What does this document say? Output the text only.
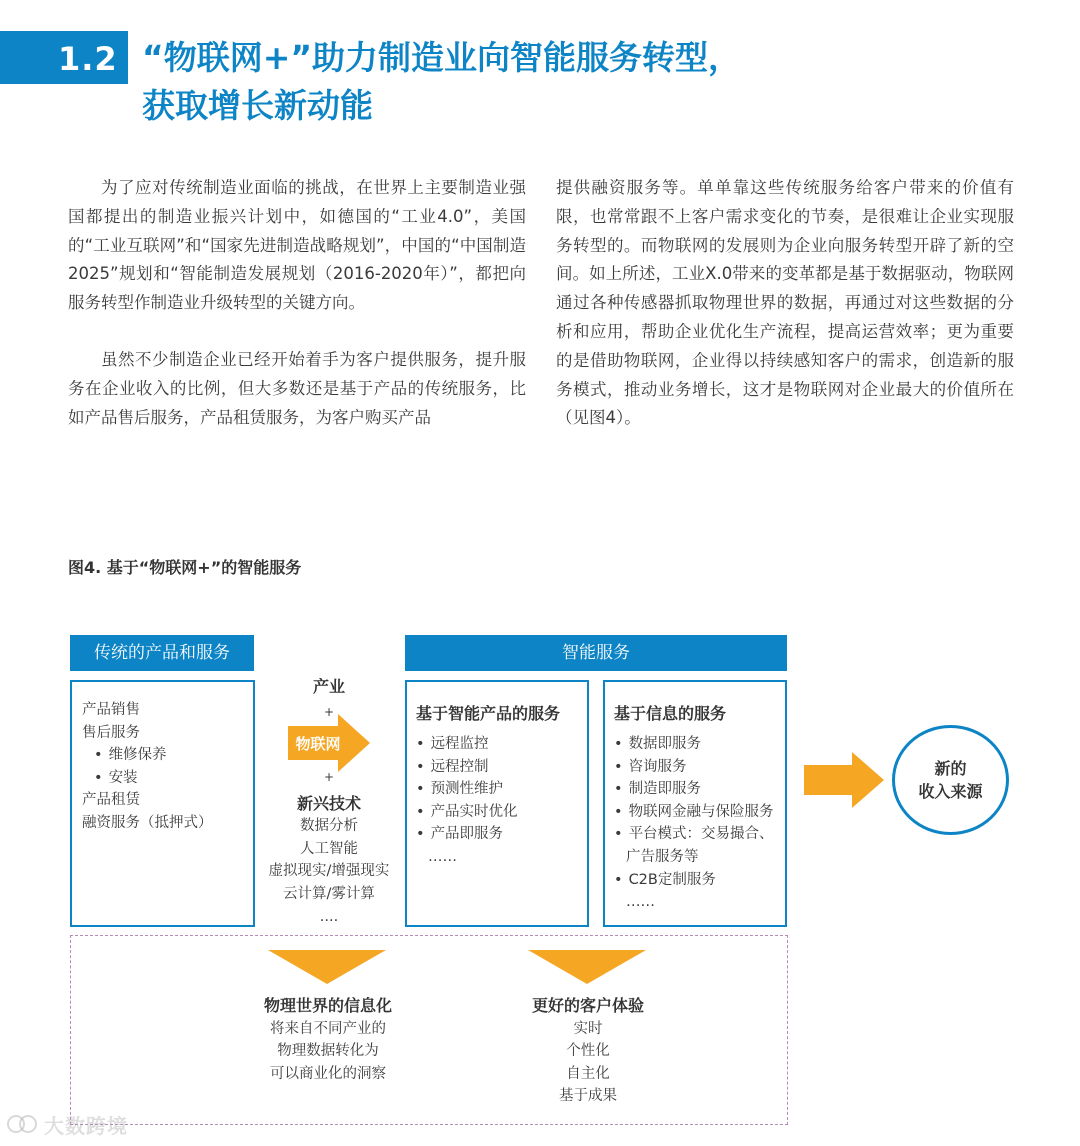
1.2 “物联网+”助力制造业向智能服务转型，
获取增长新动能

为了应对传统制造业面临的挑战，在世界上主要制造业强国都提出的制造业振兴计划中，如德国的“工业4.0”，美国的“工业互联网”和“国家先进制造战略规划”，中国的“中国制造2025”规划和“智能制造发展规划（2016-2020年）”，都把向服务转型作制造业升级转型的关键方向。

虽然不少制造企业已经开始着手为客户提供服务，提升服务在企业收入的比例，但大多数还是基于产品的传统服务，比如产品售后服务，产品租赁服务，为客户购买产品

提供融资服务等。单单靠这些传统服务给客户带来的价值有限，也常常跟不上客户需求变化的节奏，是很难让企业实现服务转型的。而物联网的发展则为企业向服务转型开辟了新的空间。如上所述，工业X.0带来的变革都是基于数据驱动，物联网通过各种传感器抓取物理世界的数据，再通过对这些数据的分析和应用，帮助企业优化生产流程，提高运营效率；更为重要的是借助物联网，企业得以持续感知客户的需求，创造新的服务模式，推动业务增长，这才是物联网对企业最大的价值所在（见图4）。

图4. 基于“物联网+”的智能服务
传统的产品和服务
产品销售
售后服务
• 维修保养
• 安装
产品租赁
融资服务（抵押式）
产业
+
物联网
+
新兴技术
数据分析
人工智能
虚拟现实/增强现实
云计算/雾计算
....
智能服务
基于智能产品的服务
• 远程监控
• 远程控制
• 预测性维护
• 产品实时优化
• 产品即服务
……
基于信息的服务
• 数据即服务
• 咨询服务
• 制造即服务
• 物联网金融与保险服务
• 平台模式：交易撮合、
广告服务等
• C2B定制服务
……
新的
收入来源
物理世界的信息化
将来自不同产业的
物理数据转化为
可以商业化的洞察
更好的客户体验
实时
个性化
自主化
基于成果
大数跨境
